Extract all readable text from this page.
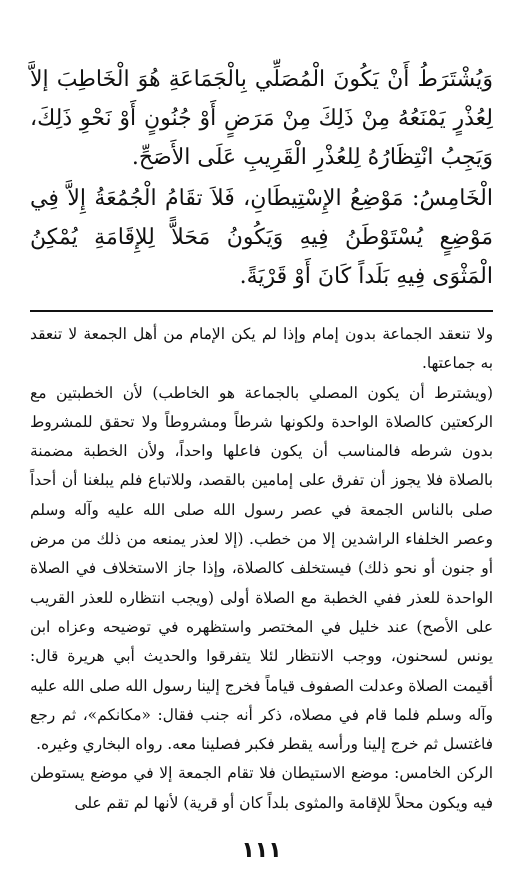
وَيُشْتَرَطُ أَنْ يَكُونَ الْمُصَلِّي بِالْجَمَاعَةِ هُوَ الْخَاطِبَ إلاَّ لِعُذْرٍ يَمْنَعُهُ مِنْ ذَلِكَ مِنْ مَرَضٍ أَوْ جُنُونٍ أَوْ نَحْوِ ذَلِكَ، وَيَجِبُ انْتِظَارُهُ لِلعُذْرِ الْقَرِيبِ عَلَى الأَصَحِّ.

الْخَامِسُ: مَوْضِعُ الإِسْتِيطَانِ، فَلاَ تقَامُ الْجُمُعَةُ إِلاَّ فِي مَوْضِعٍ يُسْتَوْطَنُ فِيهِ وَيَكُونُ مَحَلاًّ لِلإِقَامَةِ يُمْكِنُ الْمَثْوَى فِيهِ بَلَداً كَانَ أَوْ قَرْيَةً.

ولا تنعقد الجماعة بدون إمام وإذا لم يكن الإمام من أهل الجمعة لا تنعقد به جماعتها.

(ويشترط أن يكون المصلي بالجماعة هو الخاطب) لأن الخطبتين مع الركعتين كالصلاة الواحدة ولكونها شرطاً ومشروطاً ولا تحقق للمشروط بدون شرطه فالمناسب أن يكون فاعلها واحداً، ولأن الخطبة مضمنة بالصلاة فلا يجوز أن تفرق على إمامين بالقصد، وللاتباع فلم يبلغنا أن أحداً صلى بالناس الجمعة في عصر رسول الله صلى الله عليه وآله وسلم وعصر الخلفاء الراشدين إلا من خطب. (إلا لعذر يمنعه من ذلك من مرض أو جنون أو نحو ذلك) فيستخلف كالصلاة، وإذا جاز الاستخلاف في الصلاة الواحدة للعذر ففي الخطبة مع الصلاة أولى (ويجب انتظاره للعذر القريب على الأصح) عند خليل في المختصر واستظهره في توضيحه وعزاه ابن يونس لسحنون، ووجب الانتظار لئلا يتفرقوا والحديث أبي هريرة قال: أقيمت الصلاة وعدلت الصفوف قياماً فخرج إلينا رسول الله صلى الله عليه وآله وسلم فلما قام في مصلاه، ذكر أنه جنب فقال: «مكانكم»، ثم رجع فاغتسل ثم خرج إلينا ورأسه يقطر فكبر فصلينا معه. رواه البخاري وغيره.

الركن الخامس: موضع الاستيطان فلا تقام الجمعة إلا في موضع يستوطن فيه ويكون محلاً للإقامة والمثوى بلداً كان أو قرية) لأنها لم تقم على

١١١
